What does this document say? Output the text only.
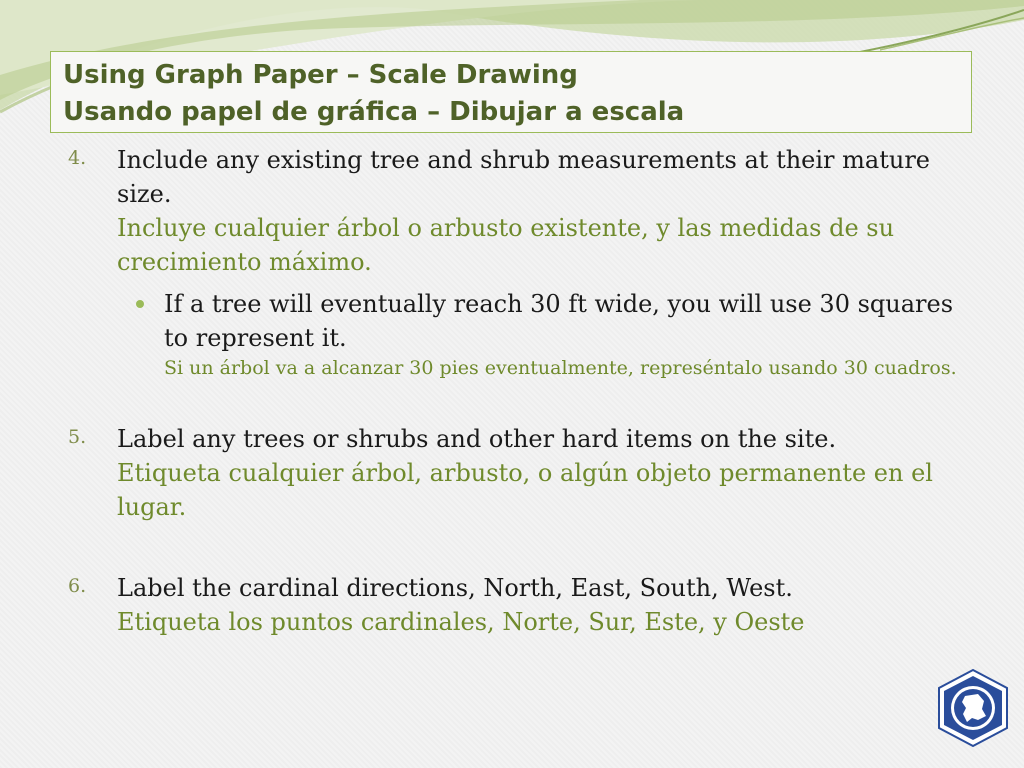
Using Graph Paper – Scale Drawing
Usando papel de gráfica – Dibujar a escala
4. Include any existing tree and shrub measurements at their mature size.
Incluye cualquier árbol o arbusto existente, y las medidas de su crecimiento máximo.
If a tree will eventually reach 30 ft wide, you will use 30 squares to represent it.
Si un árbol va a alcanzar 30 pies eventualmente, represéntalo usando 30 cuadros.
5. Label any trees or shrubs and other hard items on the site.
Etiqueta cualquier árbol, arbusto, o algún objeto permanente en el lugar.
6. Label the cardinal directions, North, East, South, West.
Etiqueta los puntos cardinales, Norte, Sur, Este, y Oeste
